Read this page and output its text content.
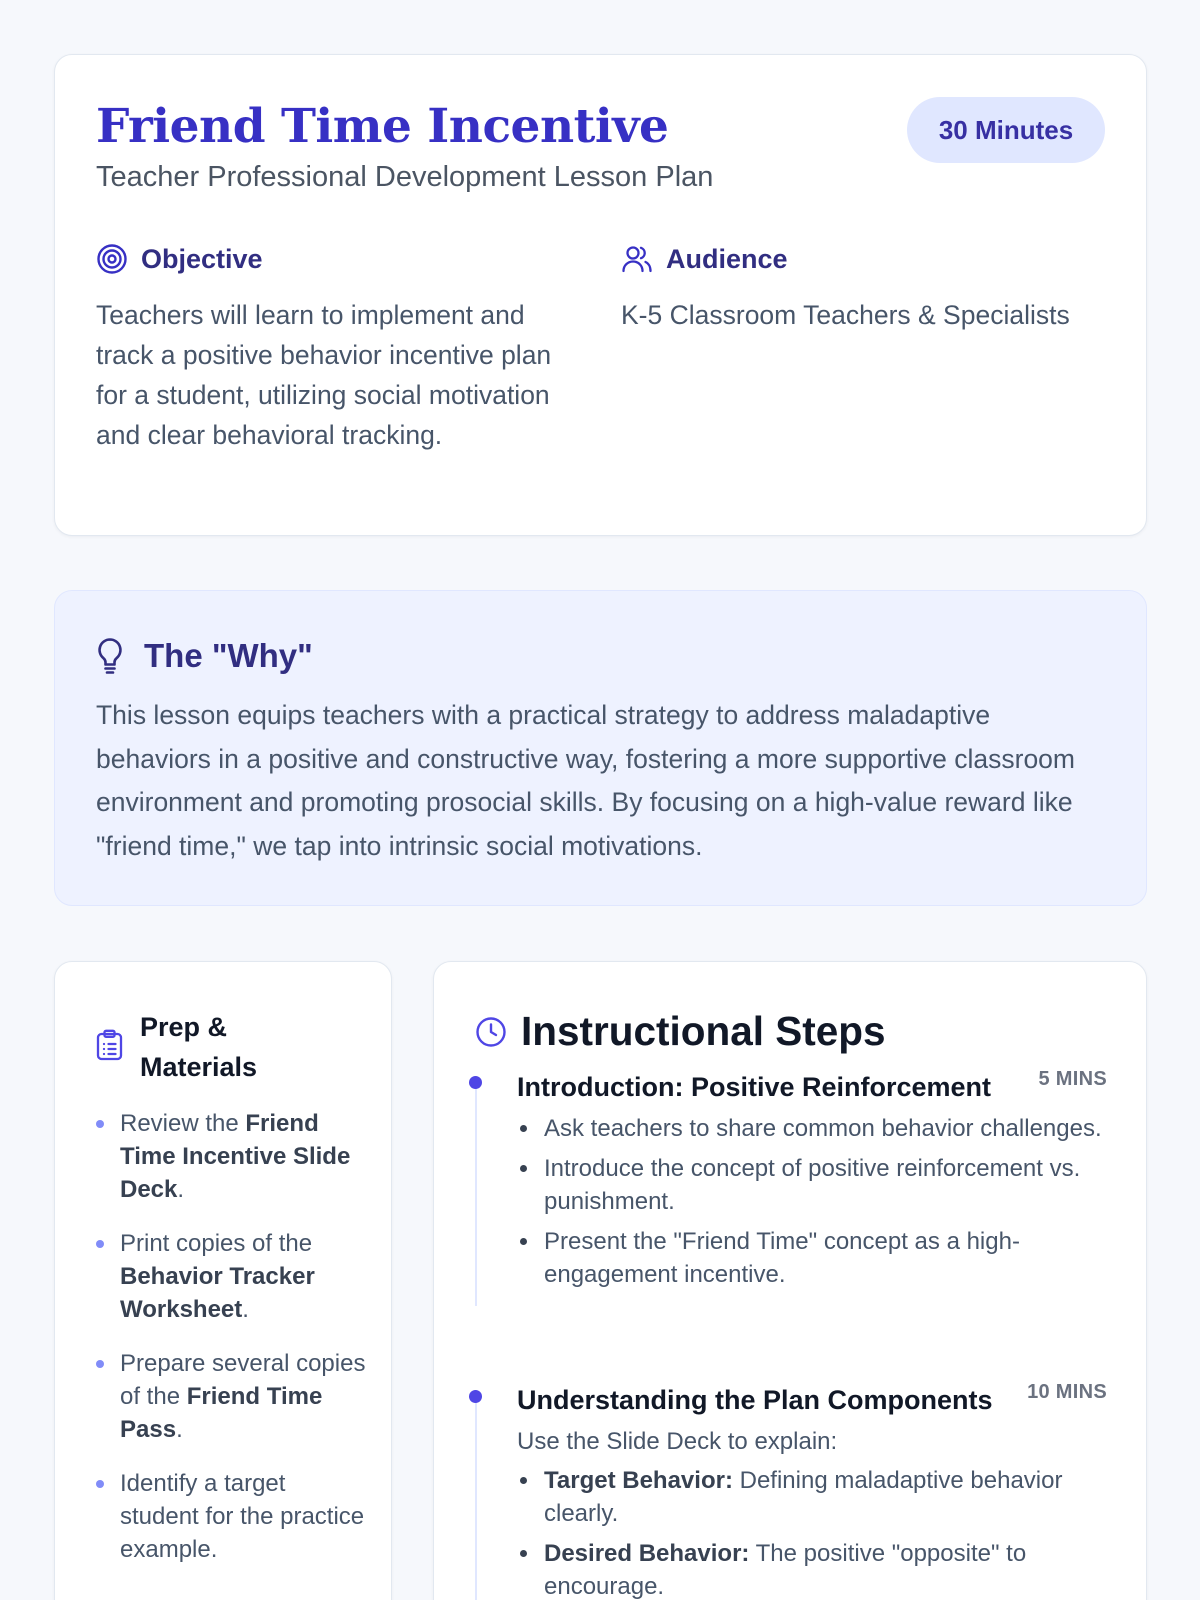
Friend Time Incentive
Teacher Professional Development Lesson Plan
30 Minutes
Objective

Teachers will learn to implement and track a positive behavior incentive plan for a student, utilizing social motivation and clear behavioral tracking.

Audience

K-5 Classroom Teachers & Specialists

The "Why"

This lesson equips teachers with a practical strategy to address maladaptive behaviors in a positive and constructive way, fostering a more supportive classroom environment and promoting prosocial skills. By focusing on a high-value reward like "friend time," we tap into intrinsic social motivations.

Prep & Materials
Review the Friend Time Incentive Slide Deck.
Print copies of the Behavior Tracker Worksheet.
Prepare several copies of the Friend Time Pass.
Identify a target student for the practice example.
Instructional Steps
Introduction: Positive Reinforcement	5 MINS
Ask teachers to share common behavior challenges.
Introduce the concept of positive reinforcement vs. punishment.
Present the "Friend Time" concept as a high-engagement incentive.
Understanding the Plan Components	10 MINS

Use the Slide Deck to explain:

Target Behavior: Defining maladaptive behavior clearly.
Desired Behavior: The positive "opposite" to encourage.
